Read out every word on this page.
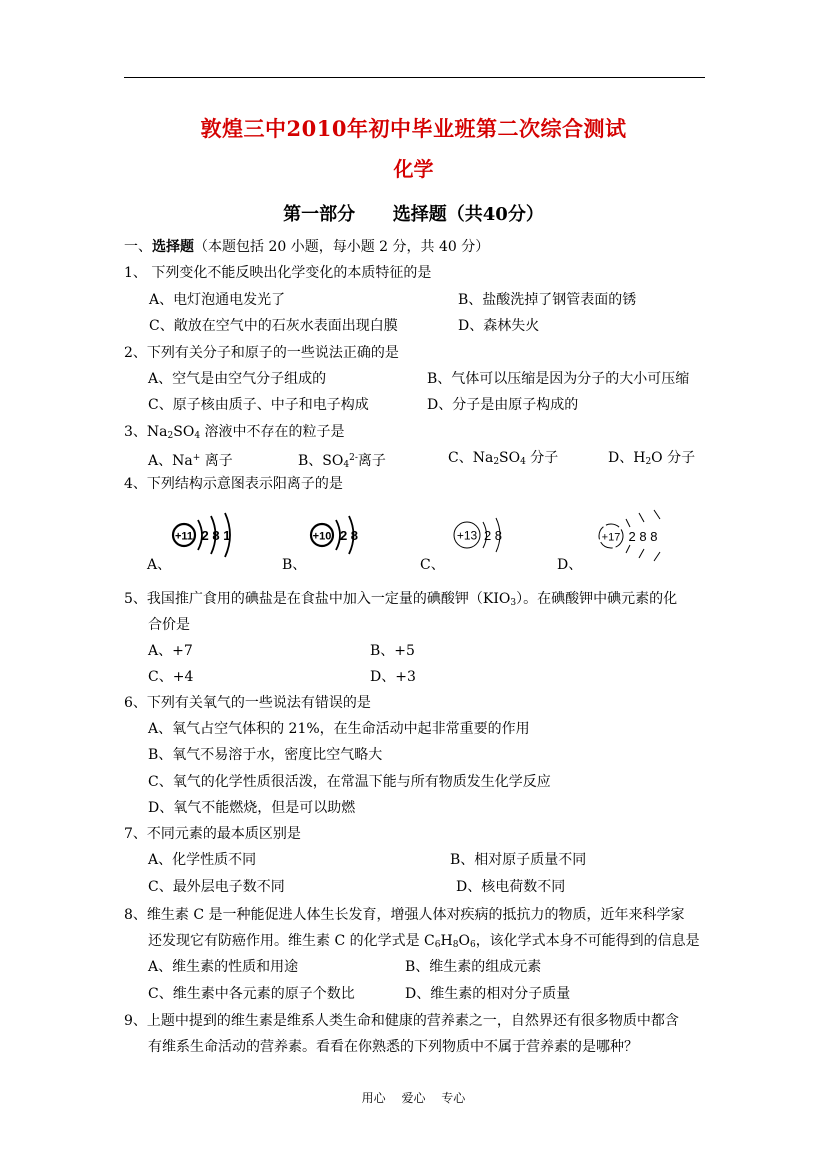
敦煌三中2010年初中毕业班第二次综合测试
化学
第一部分 选择题（共40分）
一、选择题（本题包括 20 小题，每小题 2 分，共 40 分）
1、 下列变化不能反映出化学变化的本质特征的是
A、电灯泡通电发光了	B、盐酸洗掉了钢管表面的锈
C、敞放在空气中的石灰水表面出现白膜	D、森林失火
2、下列有关分子和原子的一些说法正确的是
A、空气是由空气分子组成的	B、气体可以压缩是因为分子的大小可压缩
C、原子核由质子、中子和电子构成	D、分子是由原子构成的
3、$Na_2SO_4$ 溶液中不存在的粒子是
A、Na+ 离子	B、$SO_4^{2-}$离子	C、$Na_2SO_4$ 分子	D、$H_2O$ 分子
4、下列结构示意图表示阳离子的是
+11 2 8 1
A、
+10 2 8
B、
+13 2 8
C、
+17 2 8 8
D、
5、我国推广食用的碘盐是在食盐中加入一定量的碘酸钾$(KIO_3)$。在碘酸钾中碘元素的化
合价是
A、+7	B、+5
C、+4	D、+3
6、下列有关氧气的一些说法有错误的是
A、氧气占空气体积的 21%，在生命活动中起非常重要的作用
B、氧气不易溶于水，密度比空气略大
C、氧气的化学性质很活泼，在常温下能与所有物质发生化学反应
D、氧气不能燃烧，但是可以助燃
7、不同元素的最本质区别是
A、化学性质不同	B、相对原子质量不同
C、最外层电子数不同	D、核电荷数不同
8、维生素 C 是一种能促进人体生长发育，增强人体对疾病的抵抗力的物质，近年来科学家
还发现它有防癌作用。维生素 C 的化学式是 $C_6H_8O_6$，该化学式本身不可能得到的信息是
A、维生素的性质和用途	B、维生素的组成元素
C、维生素中各元素的原子个数比	D、维生素的相对分子质量
9、上题中提到的维生素是维系人类生命和健康的营养素之一，自然界还有很多物质中都含
有维系生命活动的营养素。看看在你熟悉的下列物质中不属于营养素的是哪种？
用心　 爱心　 专心
